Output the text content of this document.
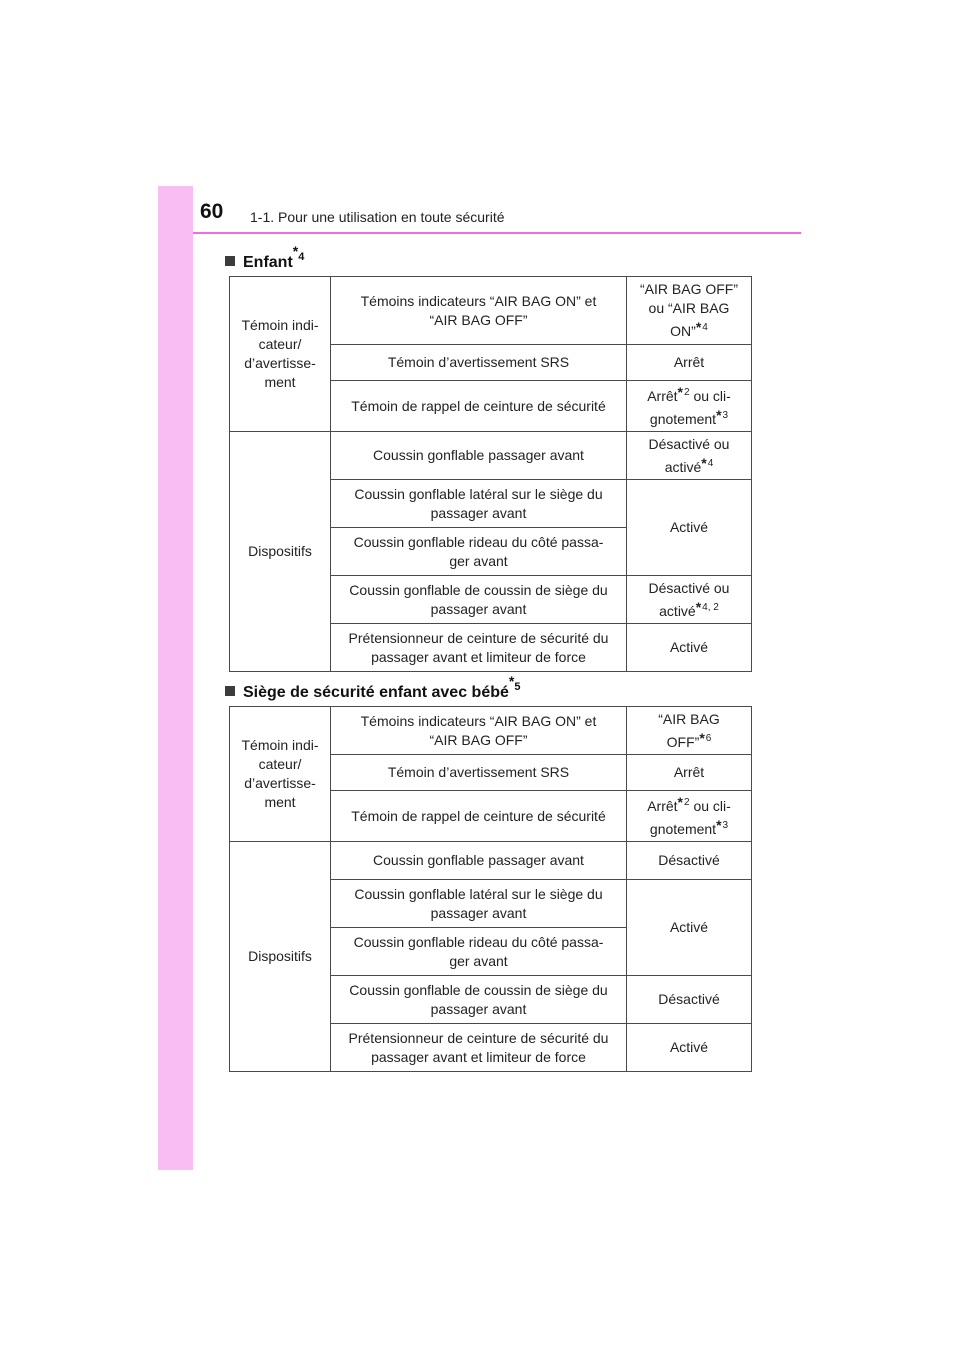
60 1-1. Pour une utilisation en toute sécurité
Enfant$^{*4}$
Témoin indi-
cateur/
d’avertisse-
ment	Témoins indicateurs “AIR BAG ON” et
“AIR BAG OFF”	“AIR BAG OFF”
ou “AIR BAG
ON”*$^4$
	Témoin d’avertissement SRS	Arrêt
	Témoin de rappel de ceinture de sécurité	Arrêt*$^2$ ou cli-
gnotement*$^3$
Dispositifs	Coussin gonflable passager avant	Désactivé ou
activé*$^4$
	Coussin gonflable latéral sur le siège du
passager avant	Activé
	Coussin gonflable rideau du côté passa-
ger avant	
	Coussin gonflable de coussin de siège du
passager avant	Désactivé ou
activé*$^{4, 2}$
	Prétensionneur de ceinture de sécurité du
passager avant et limiteur de force	Activé
Siège de sécurité enfant avec bébé$^{*5}$
Témoin indi-
cateur/
d’avertisse-
ment	Témoins indicateurs “AIR BAG ON” et
“AIR BAG OFF”	“AIR BAG
OFF”*$^6$
	Témoin d’avertissement SRS	Arrêt
	Témoin de rappel de ceinture de sécurité	Arrêt*$^2$ ou cli-
gnotement*$^3$
Dispositifs	Coussin gonflable passager avant	Désactivé
	Coussin gonflable latéral sur le siège du
passager avant	Activé
	Coussin gonflable rideau du côté passa-
ger avant	
	Coussin gonflable de coussin de siège du
passager avant	Désactivé
	Prétensionneur de ceinture de sécurité du
passager avant et limiteur de force	Activé
